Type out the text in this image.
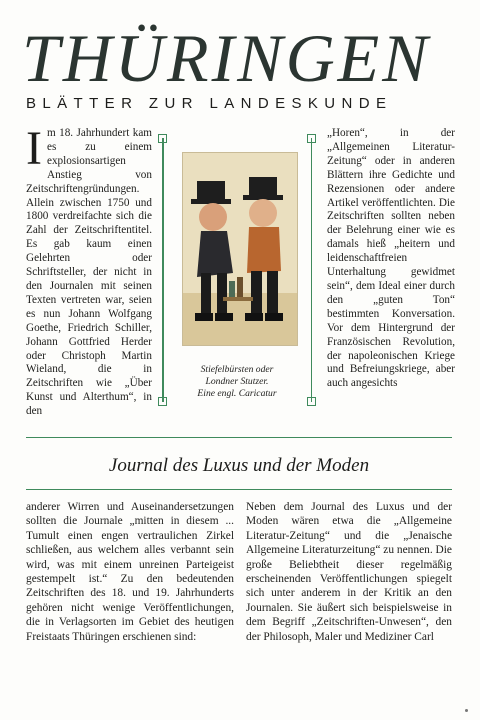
THÜRINGEN
BLÄTTER ZUR LANDESKUNDE
Im 18. Jahrhundert kam es zu einem explosionsartigen Anstieg von Zeitschriftengründungen. Allein zwischen 1750 und 1800 verdreifachte sich die Zahl der Zeitschriftentitel. Es gab kaum einen Gelehrten oder Schriftsteller, der nicht in den Journalen mit seinen Texten vertreten war, seien es nun Johann Wolfgang Goethe, Friedrich Schiller, Johann Gottfried Herder oder Christoph Martin Wieland, die in Zeitschriften wie „Über Kunst und Alterthum“, in den
Stiefelbürsten oder
Londner Stutzer.
Eine engl. Caricatur
„Horen“, in der „Allgemeinen Literatur-Zeitung“ oder in anderen Blättern ihre Gedichte und Rezensionen oder andere Artikel veröffentlichten. Die Zeitschriften sollten neben der Belehrung einer wie es damals hieß „heitern und leidenschaftfreien Unterhaltung gewidmet sein“, dem Ideal einer durch den „guten Ton“ bestimmten Konversation. Vor dem Hintergrund der Französischen Revolution, der napoleonischen Kriege und Befreiungskriege, aber auch angesichts
Journal des Luxus und der Moden
anderer Wirren und Auseinandersetzungen sollten die Journale „mitten in diesem ... Tumult einen engen vertraulichen Zirkel schließen, aus welchem alles verbannt sein wird, was mit einem unreinen Parteigeist gestempelt ist.“ Zu den bedeutenden Zeitschriften des 18. und 19. Jahrhunderts gehören nicht wenige Veröffentlichungen, die in Verlagsorten im Gebiet des heutigen Freistaats Thüringen erschienen sind:
Neben dem Journal des Luxus und der Moden wären etwa die „Allgemeine Literatur-Zeitung“ und die „Jenaische Allgemeine Literaturzeitung“ zu nennen. Die große Beliebtheit dieser regelmäßig erscheinenden Veröffentlichungen spiegelt sich unter anderem in der Kritik an den Journalen. Sie äußert sich beispielsweise in dem Begriff „Zeitschriften-Unwesen“, den der Philosoph, Maler und Mediziner Carl
